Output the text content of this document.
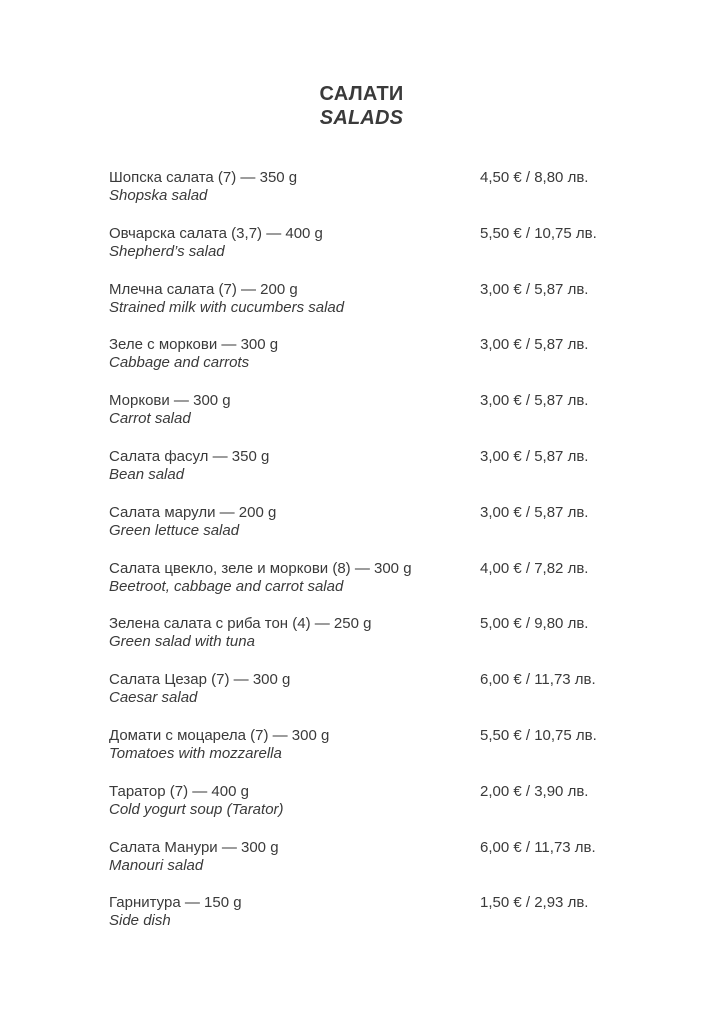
САЛАТИ
SALADS
Шопска салата (7) — 350 g
Shopska salad
4,50 € / 8,80 лв.
Овчарска салата (3,7) — 400 g
Shepherd’s salad
5,50 € / 10,75 лв.
Млечна салата (7) — 200 g
Strained milk with cucumbers salad
3,00 € / 5,87 лв.
Зеле с моркови — 300 g
Cabbage and carrots
3,00 € / 5,87 лв.
Моркови — 300 g
Carrot salad
3,00 € / 5,87 лв.
Салата фасул — 350 g
Bean salad
3,00 € / 5,87 лв.
Салата марули — 200 g
Green lettuce salad
3,00 € / 5,87 лв.
Салата цвекло, зеле и моркови (8) — 300 g
Beetroot, cabbage and carrot salad
4,00 € / 7,82 лв.
Зелена салата с риба тон (4) — 250 g
Green salad with tuna
5,00 € / 9,80 лв.
Салата Цезар (7) — 300 g
Caesar salad
6,00 € / 11,73 лв.
Домати с моцарела (7) — 300 g
Tomatoes with mozzarella
5,50 € / 10,75 лв.
Таратор (7) — 400 g
Cold yogurt soup (Tarator)
2,00 € / 3,90 лв.
Салата Манури — 300 g
Manouri salad
6,00 € / 11,73 лв.
Гарнитура — 150 g
Side dish
1,50 € / 2,93 лв.
